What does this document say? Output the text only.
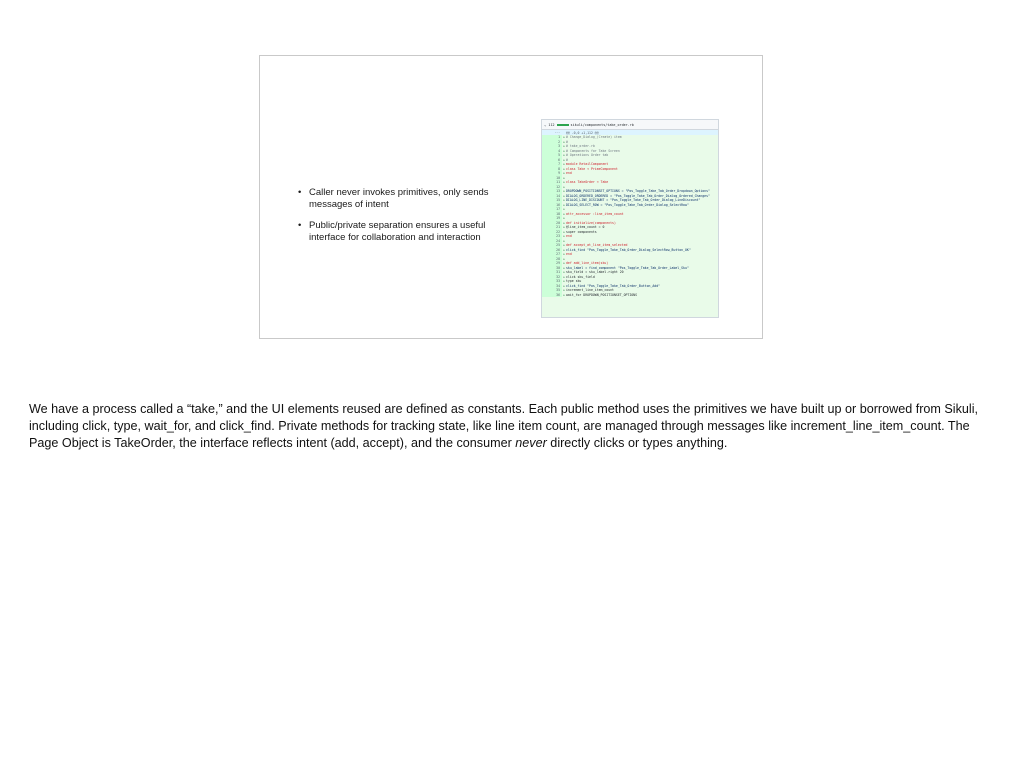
• Caller never invokes primitives, only sends messages of intent
• Public/private separation ensures a useful interface for collaboration and interaction
⌄ 112	sikuli/components/take_order.rb
...	@@ -0,0 +1,112 @@
1 + # Change_Dialog_(Create) item
2 + #
3 + # take_order.rb
4 + # Components for Take Screen
5 + # Operations Order tab
6 + #
7 + module RetailComponent
8 + class Take < PrimeComponent
9 + end
10 +
11 + class TakeOrder < Take
12 +
13 + DROPDOWN_POSITIONSET_OPTIONS = "Pos_Toggle_Take_Tab_Order_Dropdown_Options"
14 + DIALOG_ORDERED_ORDERED = "Pos_Toggle_Take_Tab_Order_Dialog_Ordered_Changes"
15 + DIALOG_LINE_DISCOUNT = "Pos_Toggle_Take_Tab_Order_Dialog_LineDiscount"
16 + DIALOG_SELECT_ROW = "Pos_Toggle_Take_Tab_Order_Dialog_SelectRow"
17 +
18 + attr_accessor :line_item_count
19 +
20 + def initialize(components)
21 + @line_item_count = 0
22 + super components
23 + end
24 +
25 + def accept_at_line_item_selected
26 + click_find "Pos_Toggle_Take_Tab_Order_Dialog_SelectRow_Button_OK"
27 + end
28 +
29 + def add_line_item(sku)
30 + sku_label = find_component "Pos_Toggle_Take_Tab_Order_Label_Sku"
31 + sku_field = sku_label.right 20
32 + click sku_field
33 + type sku
34 + click_find "Pos_Toggle_Take_Tab_Order_Button_Add"
35 + increment_line_item_count
36 + wait_for DROPDOWN_POSITIONSET_OPTIONS

We have a process called a “take,” and the UI elements reused are defined as constants. Each public method uses the primitives we have built up or borrowed from Sikuli, including click, type, wait_for, and click_find. Private methods for tracking state, like line item count, are managed through messages like increment_line_item_count. The Page Object is TakeOrder, the interface reflects intent (add, accept), and the consumer never directly clicks or types anything.
